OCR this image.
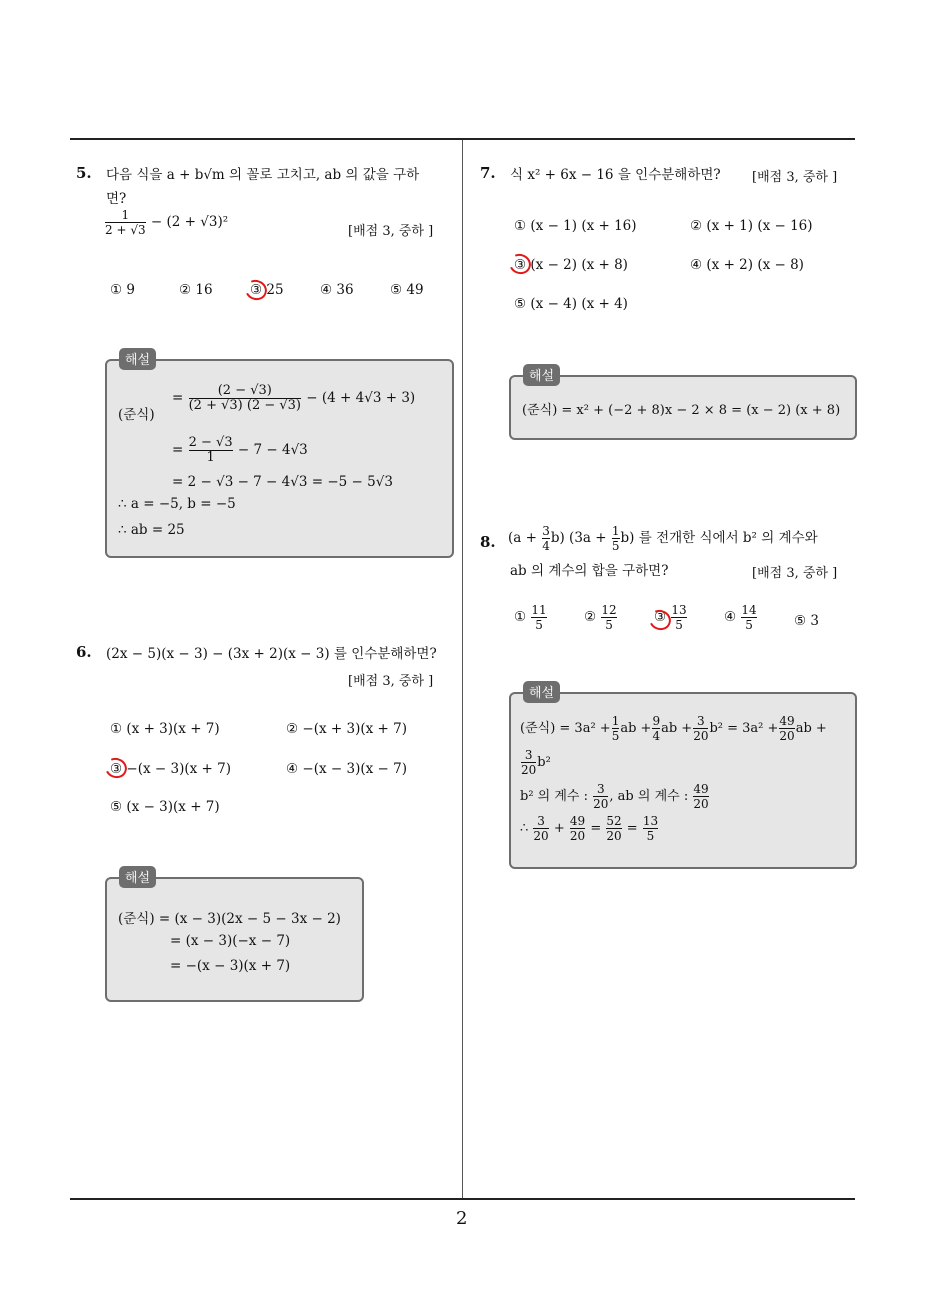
5. 다음 식을 a + b√m 의 꼴로 고치고, ab 의 값을 구하
면?
$\frac{1}{2 + √3} - (2 + √3)^2$
[배점 3, 중하 ]
① 9	② 16	③ 25	④ 36	⑤ 49
해설
(준식)
= $\frac{(2 - √3)}{(2 + √3) (2 - √3)} - (4 + 4√3 + 3)$
= $\frac{2 - √3}{1} - 7 - 4√3$
= 2 − √3 − 7 − 4√3 = −5 − 5√3
∴ a = −5, b = −5
∴ ab = 25
6. (2x − 5)(x − 3) − (3x + 2)(x − 3) 를 인수분해하면?
[배점 3, 중하 ]
① (x + 3)(x + 7)	② −(x + 3)(x + 7)
③ −(x − 3)(x + 7)	④ −(x − 3)(x − 7)
⑤ (x − 3)(x + 7)
해설
(준식) = (x − 3)(2x − 5 − 3x − 2)
= (x − 3)(−x − 7)
= −(x − 3)(x + 7)
7. 식 x² + 6x − 16 을 인수분해하면? [배점 3, 중하 ]
① (x − 1) (x + 16)	② (x + 1) (x − 16)
③ (x − 2) (x + 8)	④ (x + 2) (x − 8)
⑤ (x − 4) (x + 4)
해설
(준식) = x² + (−2 + 8)x − 2 × 8 = (x − 2) (x + 8)
8. $(a + \frac{3}{4} b)$ $(3a + \frac{1}{5} b)$ 를 전개한 식에서 b² 의 계수와
ab 의 계수의 합을 구하면?	[배점 3, 중하 ]
① $\frac{11}{5}$	② $\frac{12}{5}$	③ $\frac{13}{5}$	④ $\frac{14}{5}$	⑤ 3
해설
(준식) = $3a^2 + \frac{1}{5}$ ab + $\frac{9}{4}$ ab + $\frac{3}{20} b^2 = 3a^2 + \frac{49}{20}$ ab +
$\frac{3}{20} b^2$
b² 의 계수 : $\frac{3}{20}$ , ab 의 계수 : $\frac{49}{20}$
∴ $\frac{3}{20} + \frac{49}{20} = \frac{52}{20} = \frac{13}{5}$
2
